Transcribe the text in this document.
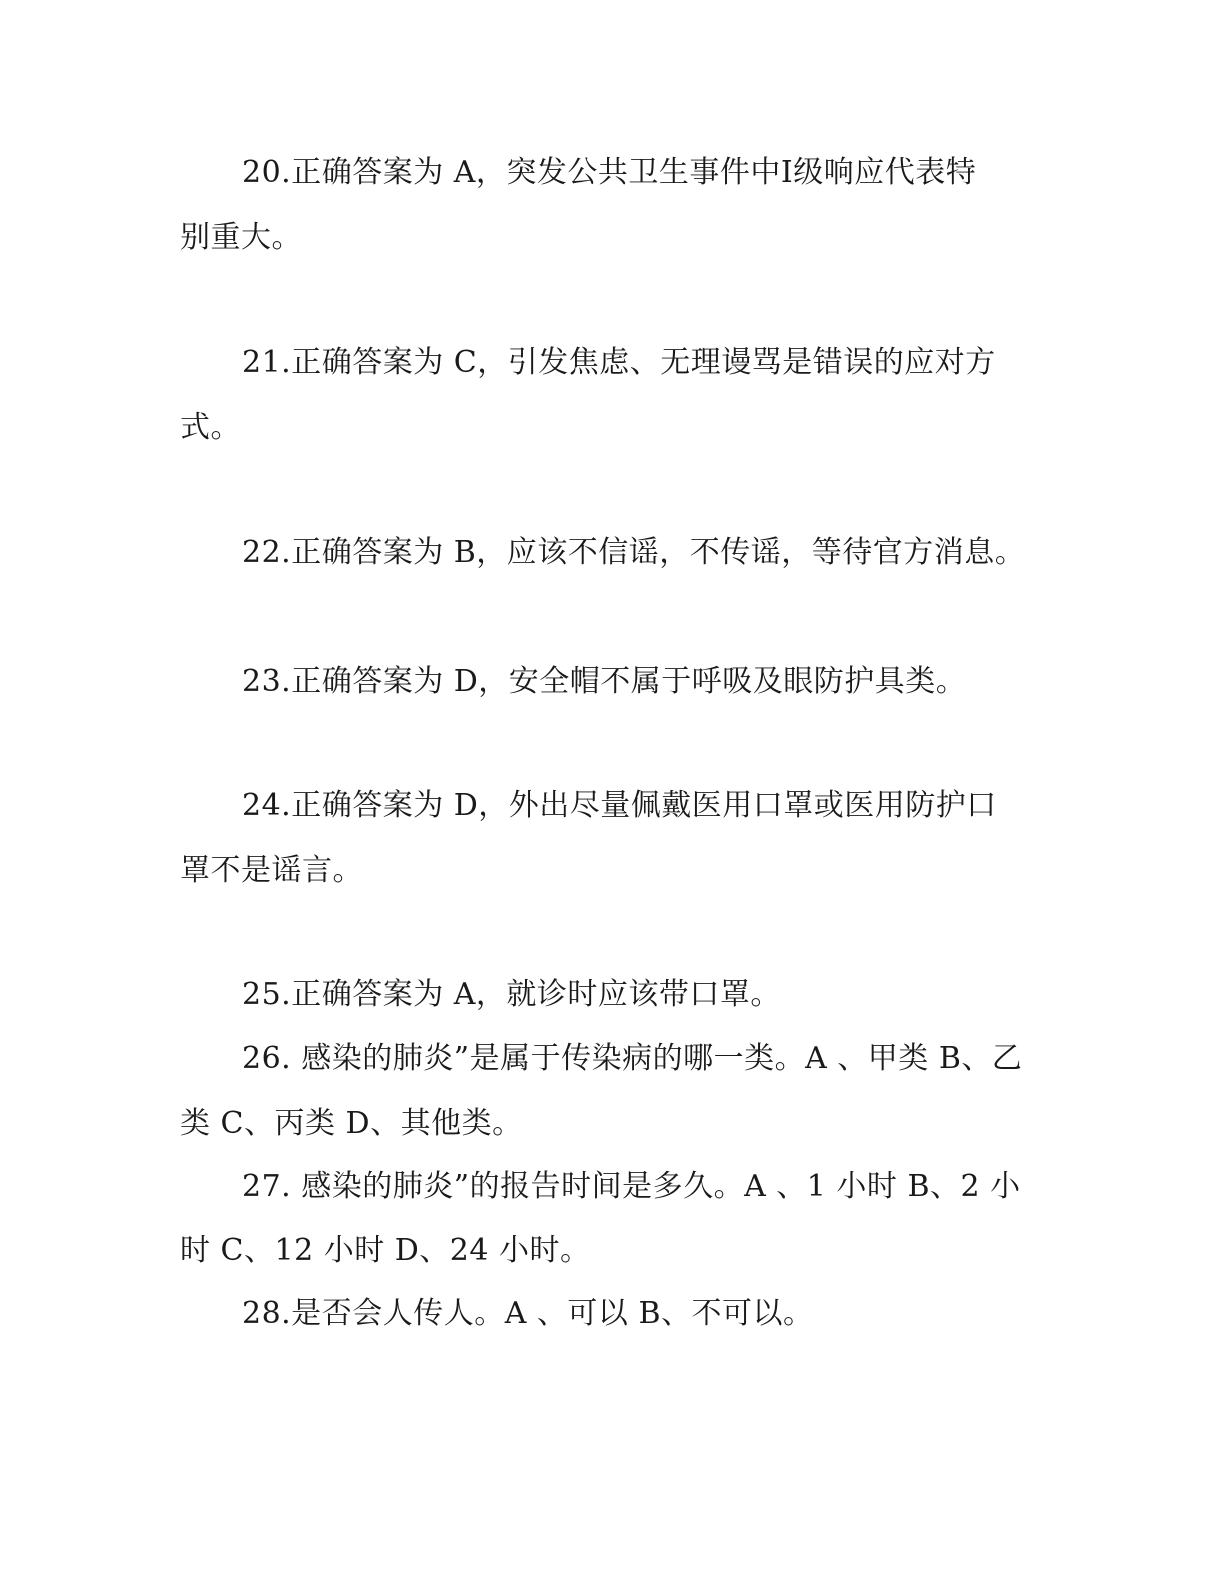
20.正确答案为 A，突发公共卫生事件中Ⅰ级响应代表特
别重大。
21.正确答案为 C，引发焦虑、无理谩骂是错误的应对方
式。
22.正确答案为 B，应该不信谣，不传谣，等待官方消息。
23.正确答案为 D，安全帽不属于呼吸及眼防护具类。
24.正确答案为 D，外出尽量佩戴医用口罩或医用防护口
罩不是谣言。
25.正确答案为 A，就诊时应该带口罩。
26. 感染的肺炎”是属于传染病的哪一类。A 、甲类 B、乙
类 C、丙类 D、其他类。
27. 感染的肺炎”的报告时间是多久。A 、1 小时 B、2 小
时 C、12 小时 D、24 小时。
28.是否会人传人。A 、可以 B、不可以。
